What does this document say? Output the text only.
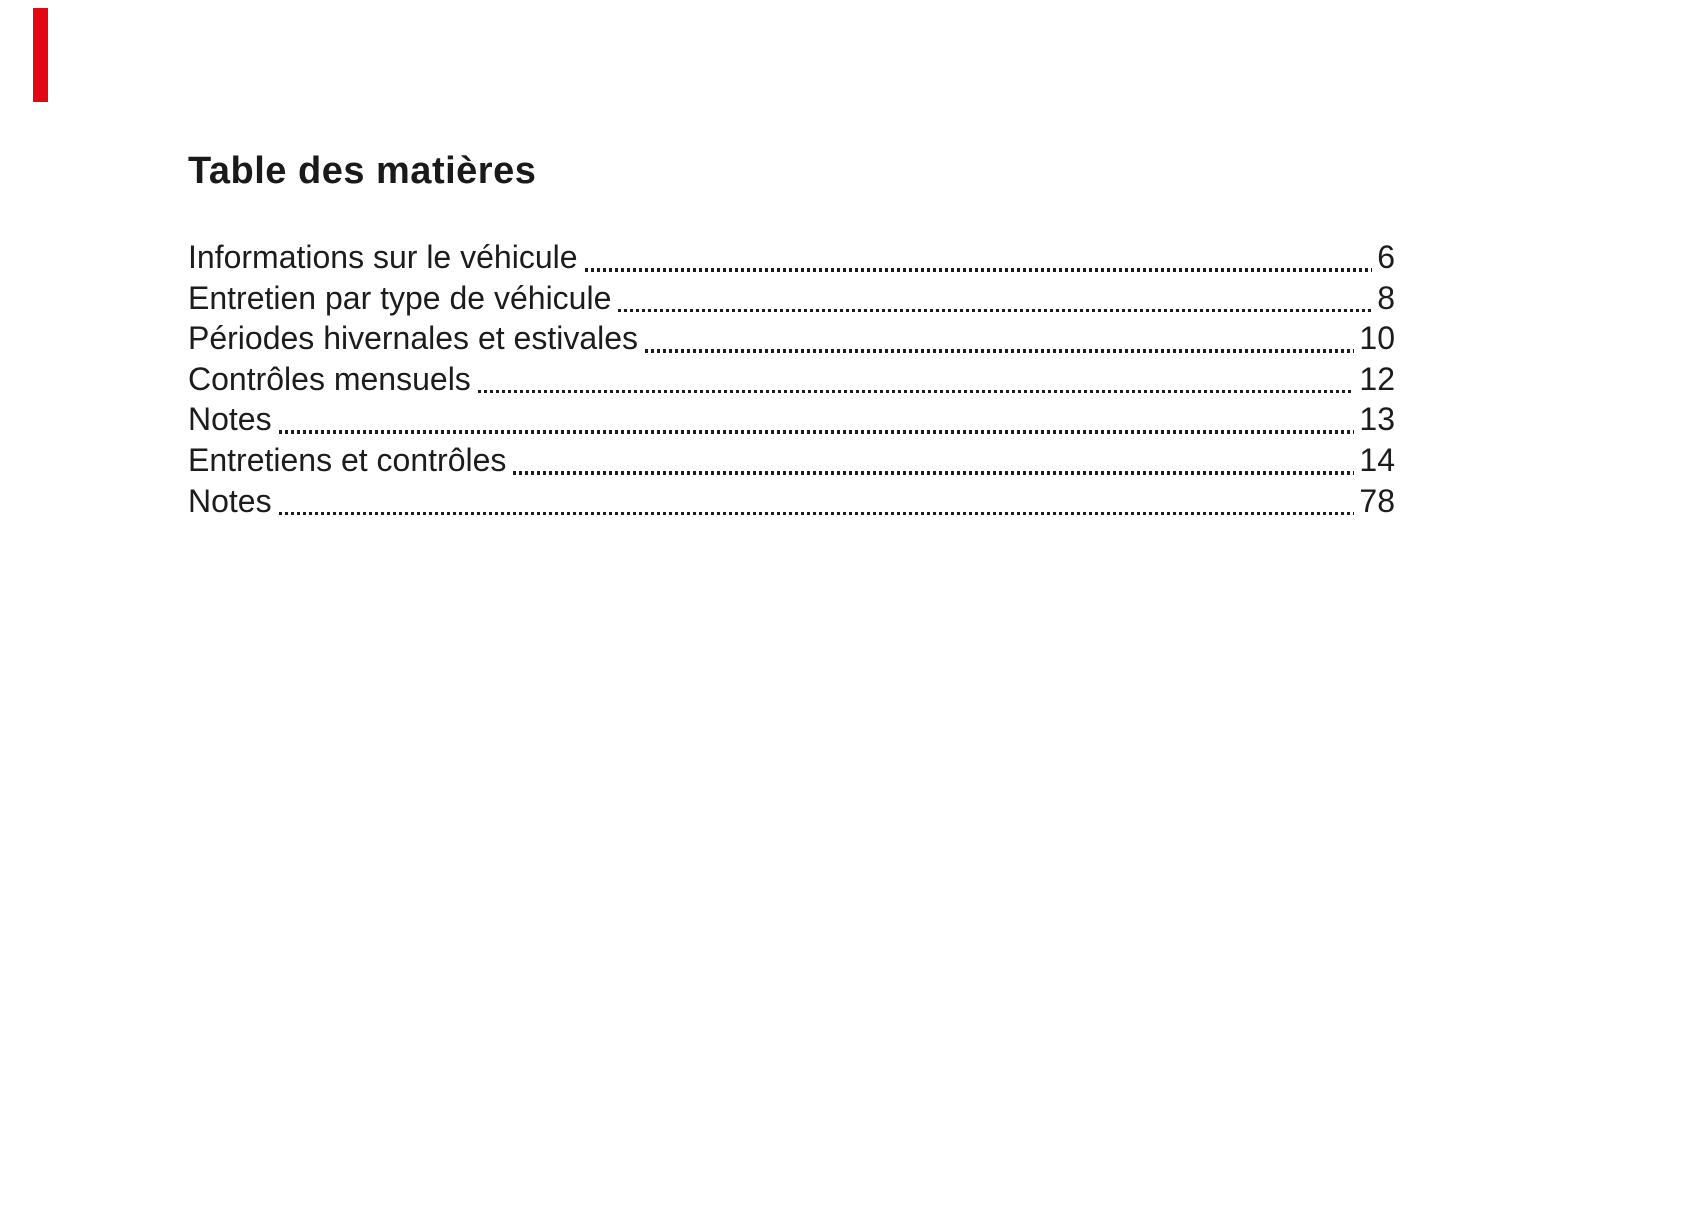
Table des matières
Informations sur le véhicule	6
Entretien par type de véhicule	8
Périodes hivernales et estivales	10
Contrôles mensuels	12
Notes	13
Entretiens et contrôles	14
Notes	78
